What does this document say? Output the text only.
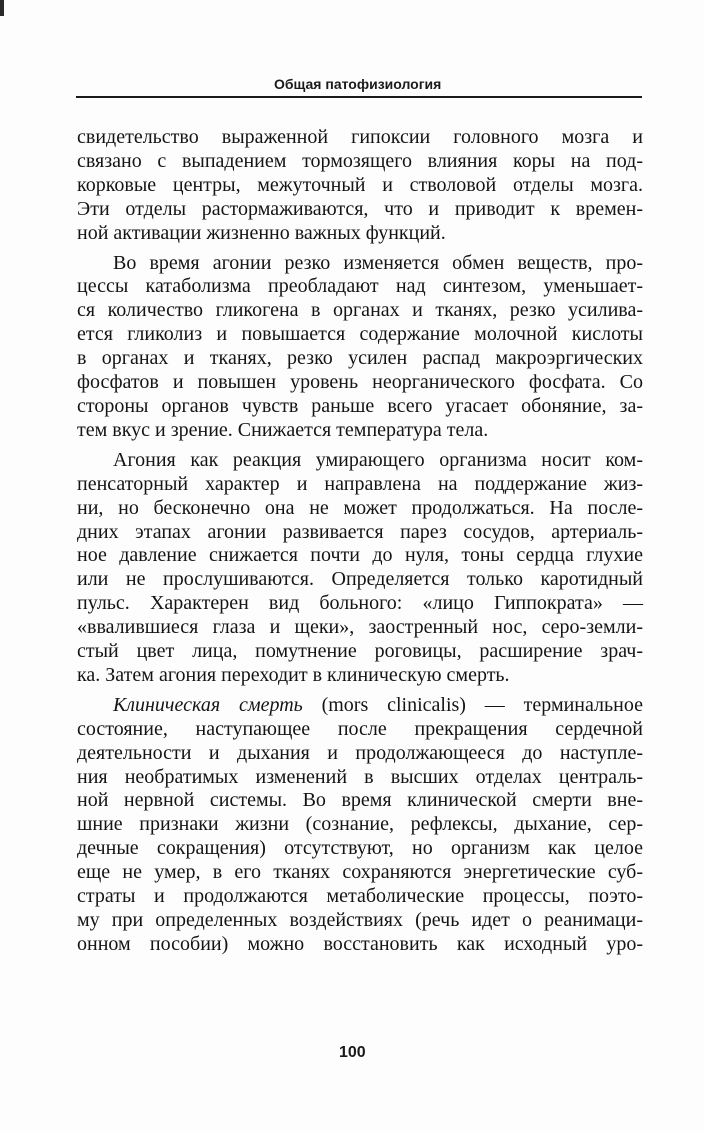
Общая патофизиология

свидетельство выраженной гипоксии головного мозга и
связано с выпадением тормозящего влияния коры на под-
корковые центры, межуточный и стволовой отделы мозга.
Эти отделы растормаживаются, что и приводит к времен-
ной активации жизненно важных функций.

Во время агонии резко изменяется обмен веществ, про-
цессы катаболизма преобладают над синтезом, уменьшает-
ся количество гликогена в органах и тканях, резко усилива-
ется гликолиз и повышается содержание молочной кислоты
в органах и тканях, резко усилен распад макроэргических
фосфатов и повышен уровень неорганического фосфата. Со
стороны органов чувств раньше всего угасает обоняние, за-
тем вкус и зрение. Снижается температура тела.

Агония как реакция умирающего организма носит ком-
пенсаторный характер и направлена на поддержание жиз-
ни, но бесконечно она не может продолжаться. На после-
дних этапах агонии развивается парез сосудов, артериаль-
ное давление снижается почти до нуля, тоны сердца глухие
или не прослушиваются. Определяется только каротидный
пульс. Характерен вид больного: «лицо Гиппократа» —
«ввалившиеся глаза и щеки», заостренный нос, серо-земли-
стый цвет лица, помутнение роговицы, расширение зрач-
ка. Затем агония переходит в клиническую смерть.

Клиническая смерть (mors clinicalis) — терминальное
состояние, наступающее после прекращения сердечной
деятельности и дыхания и продолжающееся до наступле-
ния необратимых изменений в высших отделах централь-
ной нервной системы. Во время клинической смерти вне-
шние признаки жизни (сознание, рефлексы, дыхание, сер-
дечные сокращения) отсутствуют, но организм как целое
еще не умер, в его тканях сохраняются энергетические суб-
страты и продолжаются метаболические процессы, поэто-
му при определенных воздействиях (речь идет о реанимаци-
онном пособии) можно восстановить как исходный уро-

100
